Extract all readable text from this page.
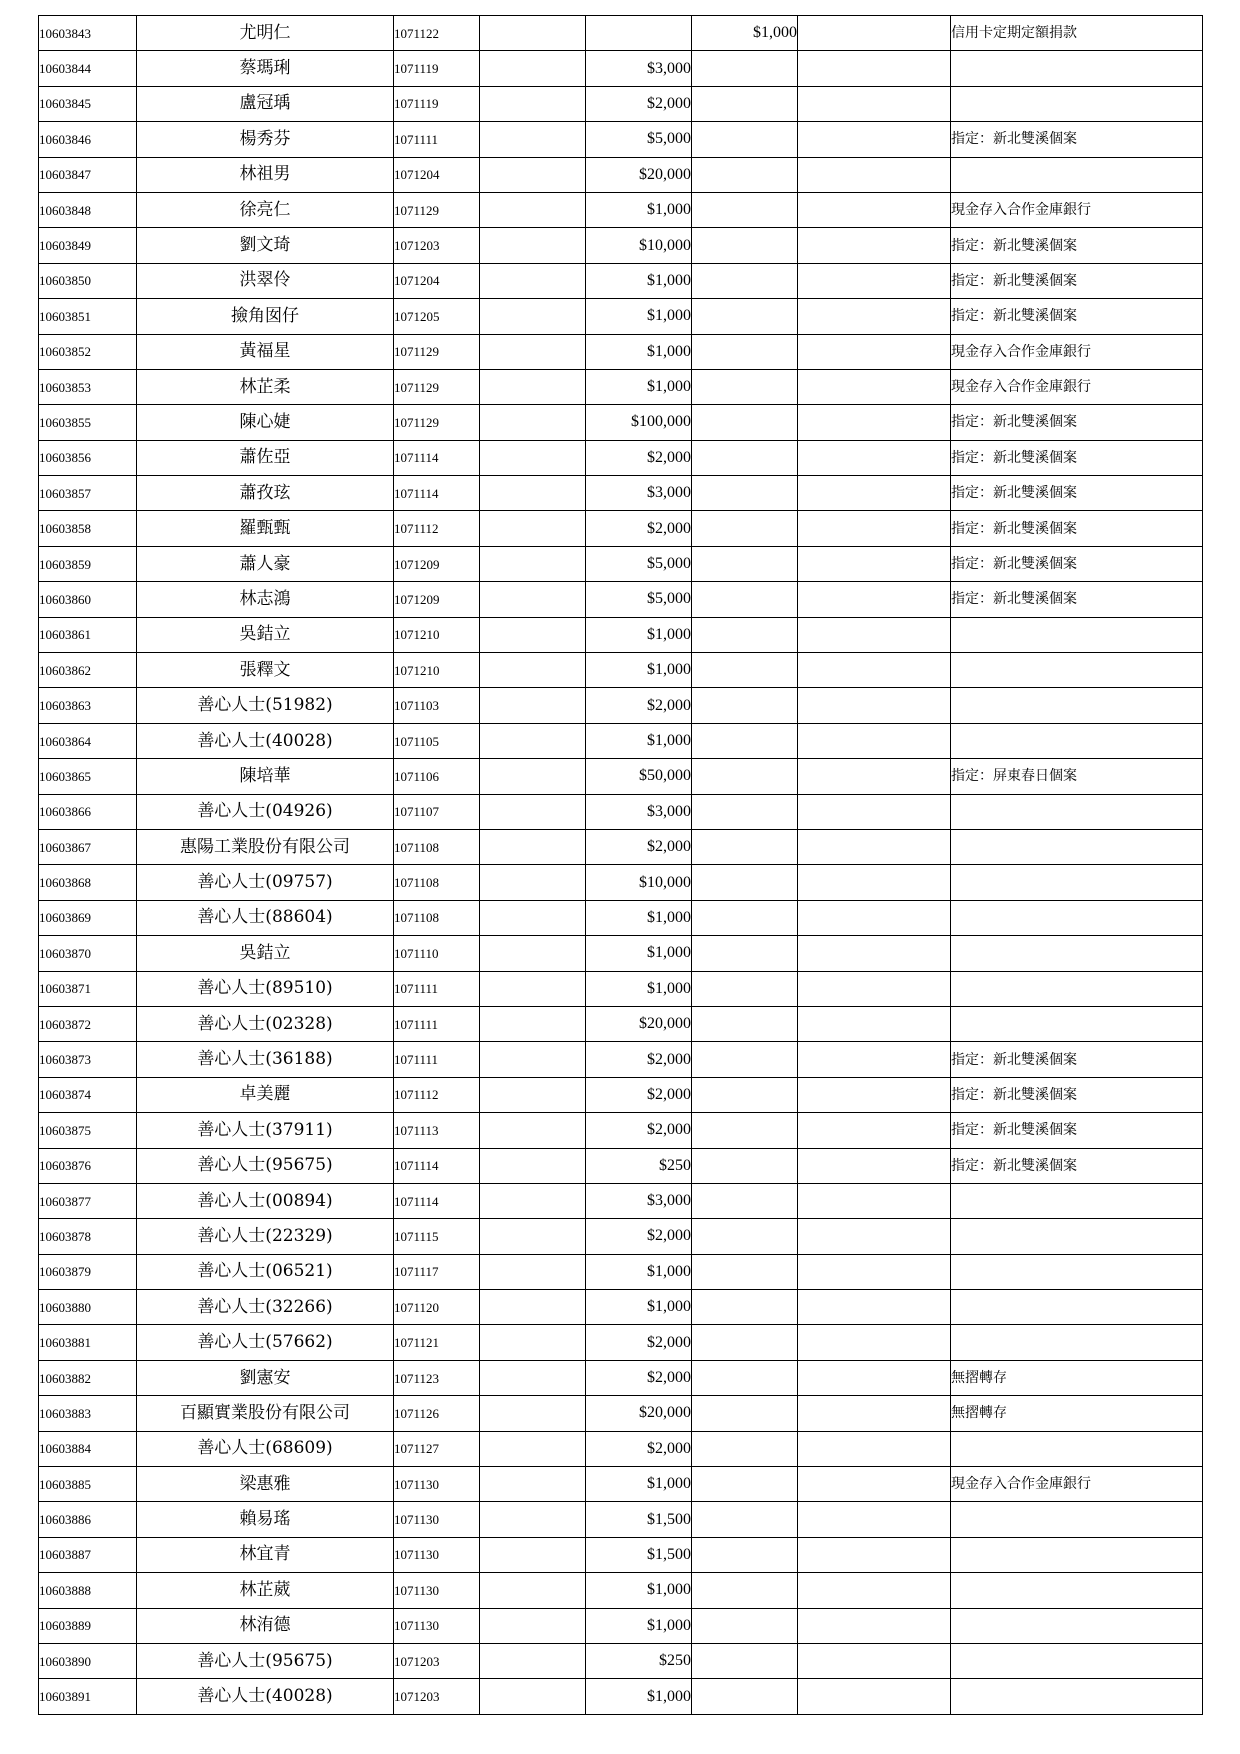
10603843	尤明仁	1071122			$1,000		信用卡定期定額捐款
10603844	蔡瑪琍	1071119		$3,000			
10603845	盧冠瑀	1071119		$2,000			
10603846	楊秀芬	1071111		$5,000			指定：新北雙溪個案
10603847	林祖男	1071204		$20,000			
10603848	徐亮仁	1071129		$1,000			現金存入合作金庫銀行
10603849	劉文琦	1071203		$10,000			指定：新北雙溪個案
10603850	洪翠伶	1071204		$1,000			指定：新北雙溪個案
10603851	撿角囡仔	1071205		$1,000			指定：新北雙溪個案
10603852	黃福星	1071129		$1,000			現金存入合作金庫銀行
10603853	林芷柔	1071129		$1,000			現金存入合作金庫銀行
10603855	陳心婕	1071129		$100,000			指定：新北雙溪個案
10603856	蕭佐亞	1071114		$2,000			指定：新北雙溪個案
10603857	蕭孜玹	1071114		$3,000			指定：新北雙溪個案
10603858	羅甄甄	1071112		$2,000			指定：新北雙溪個案
10603859	蕭人豪	1071209		$5,000			指定：新北雙溪個案
10603860	林志鴻	1071209		$5,000			指定：新北雙溪個案
10603861	吳銡立	1071210		$1,000			
10603862	張釋文	1071210		$1,000			
10603863	善心人士(51982)	1071103		$2,000			
10603864	善心人士(40028)	1071105		$1,000			
10603865	陳培華	1071106		$50,000			指定：屏東春日個案
10603866	善心人士(04926)	1071107		$3,000			
10603867	惠陽工業股份有限公司	1071108		$2,000			
10603868	善心人士(09757)	1071108		$10,000			
10603869	善心人士(88604)	1071108		$1,000			
10603870	吳銡立	1071110		$1,000			
10603871	善心人士(89510)	1071111		$1,000			
10603872	善心人士(02328)	1071111		$20,000			
10603873	善心人士(36188)	1071111		$2,000			指定：新北雙溪個案
10603874	卓美麗	1071112		$2,000			指定：新北雙溪個案
10603875	善心人士(37911)	1071113		$2,000			指定：新北雙溪個案
10603876	善心人士(95675)	1071114		$250			指定：新北雙溪個案
10603877	善心人士(00894)	1071114		$3,000			
10603878	善心人士(22329)	1071115		$2,000			
10603879	善心人士(06521)	1071117		$1,000			
10603880	善心人士(32266)	1071120		$1,000			
10603881	善心人士(57662)	1071121		$2,000			
10603882	劉憲安	1071123		$2,000			無摺轉存
10603883	百顯實業股份有限公司	1071126		$20,000			無摺轉存
10603884	善心人士(68609)	1071127		$2,000			
10603885	梁惠雅	1071130		$1,000			現金存入合作金庫銀行
10603886	賴易瑤	1071130		$1,500			
10603887	林宜青	1071130		$1,500			
10603888	林芷葳	1071130		$1,000			
10603889	林洧德	1071130		$1,000			
10603890	善心人士(95675)	1071203		$250			
10603891	善心人士(40028)	1071203		$1,000			
